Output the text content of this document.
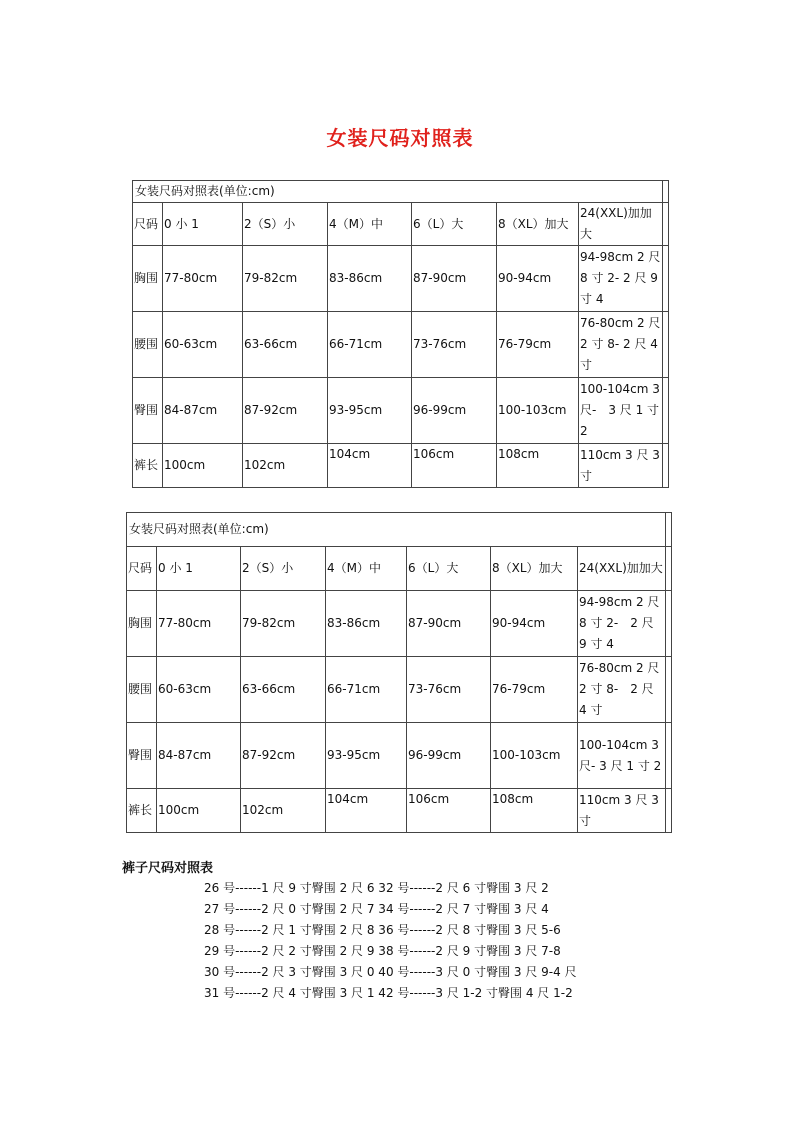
女装尺码对照表
女装尺码对照表(单位:cm)							
尺码	0 小 1	2（S）小	4（M）中	6（L）大	8（XL）加大	24(XXL)加加大	
胸围	77-80cm	79-82cm	83-86cm	87-90cm	90-94cm	94-98cm 2 尺 8 寸 2- 2 尺 9 寸 4	
腰围	60-63cm	63-66cm	66-71cm	73-76cm	76-79cm	76-80cm 2 尺 2 寸 8- 2 尺 4 寸	
臀围	84-87cm	87-92cm	93-95cm	96-99cm	100-103cm	100-104cm 3 尺-　3 尺 1 寸 2	
裤长	100cm	102cm	104cm	106cm	108cm	110cm 3 尺 3 寸	
女装尺码对照表(单位:cm)							
尺码	0 小 1	2（S）小	4（M）中	6（L）大	8（XL）加大	24(XXL)加加大	
胸围	77-80cm	79-82cm	83-86cm	87-90cm	90-94cm	94-98cm 2 尺 8 寸 2-　2 尺 9 寸 4	
腰围	60-63cm	63-66cm	66-71cm	73-76cm	76-79cm	76-80cm 2 尺 2 寸 8-　2 尺 4 寸	
臀围	84-87cm	87-92cm	93-95cm	96-99cm	100-103cm	100-104cm 3 尺- 3 尺 1 寸 2	
裤长	100cm	102cm	104cm	106cm	108cm	110cm 3 尺 3 寸	
裤子尺码对照表
26 号------1 尺 9 寸臀围 2 尺 6 32 号------2 尺 6 寸臀围 3 尺 2
27 号------2 尺 0 寸臀围 2 尺 7 34 号------2 尺 7 寸臀围 3 尺 4
28 号------2 尺 1 寸臀围 2 尺 8 36 号------2 尺 8 寸臀围 3 尺 5-6
29 号------2 尺 2 寸臀围 2 尺 9 38 号------2 尺 9 寸臀围 3 尺 7-8
30 号------2 尺 3 寸臀围 3 尺 0 40 号------3 尺 0 寸臀围 3 尺 9-4 尺
31 号------2 尺 4 寸臀围 3 尺 1 42 号------3 尺 1-2 寸臀围 4 尺 1-2
